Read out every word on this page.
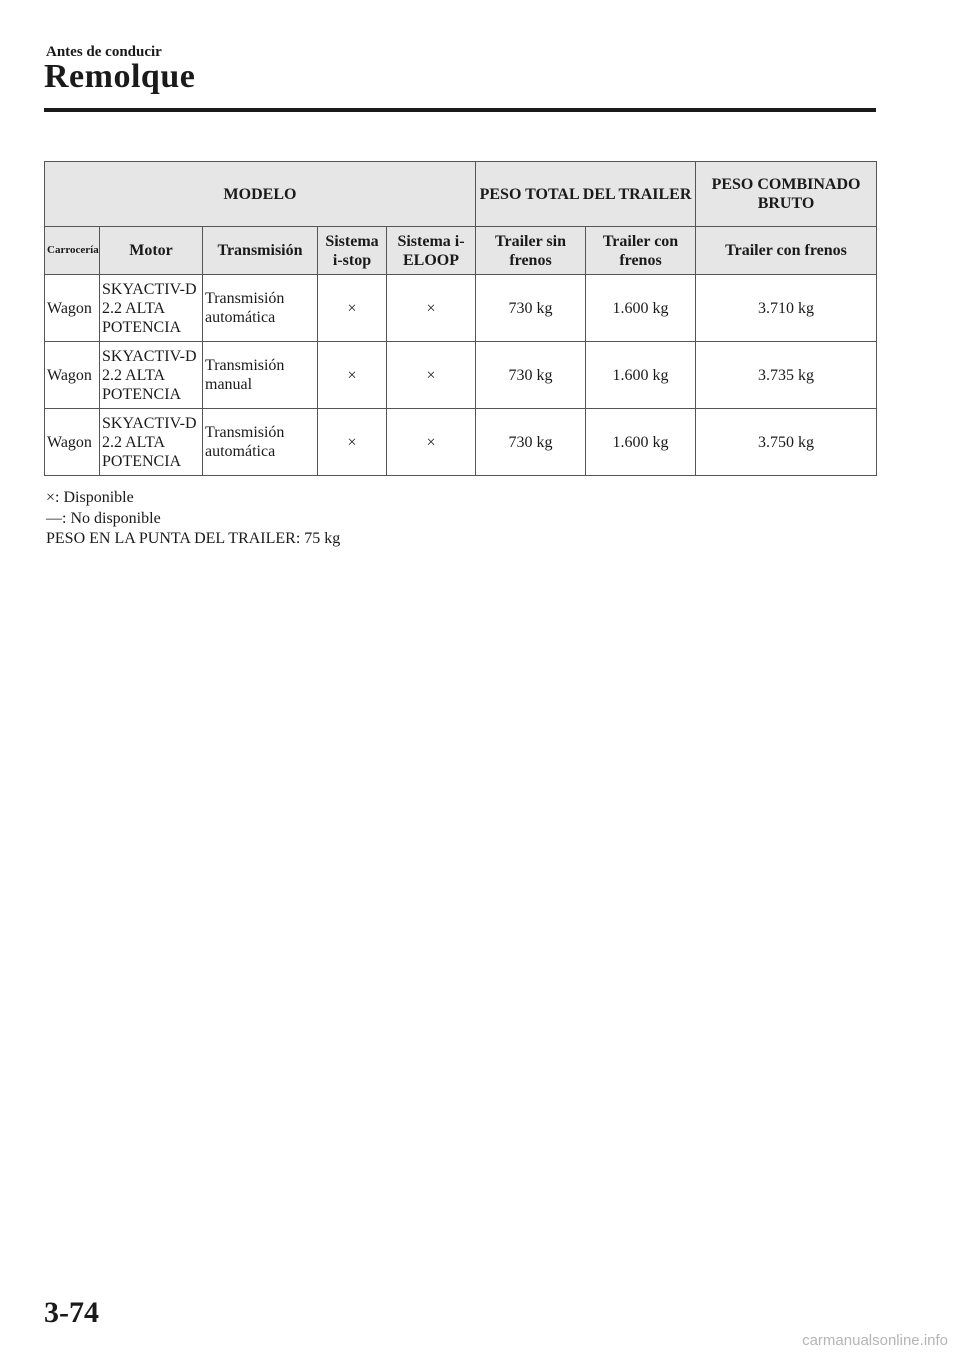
Antes de conducir
Remolque
MODELO					PESO TOTAL DEL TRAILER		PESO COMBINADO BRUTO
Carrocería	Motor	Transmisión	Sistema i-stop	Sistema i-ELOOP	Trailer sin frenos	Trailer con frenos	Trailer con frenos
Wagon	SKYACTIV-D 2.2 ALTA POTENCIA	Transmisión automática	×	×	730 kg	1.600 kg	3.710 kg
Wagon	SKYACTIV-D 2.2 ALTA POTENCIA	Transmisión manual	×	×	730 kg	1.600 kg	3.735 kg
Wagon	SKYACTIV-D 2.2 ALTA POTENCIA	Transmisión automática	×	×	730 kg	1.600 kg	3.750 kg
×: Disponible
―: No disponible
PESO EN LA PUNTA DEL TRAILER: 75 kg
3-74
carmanualsonline.info
